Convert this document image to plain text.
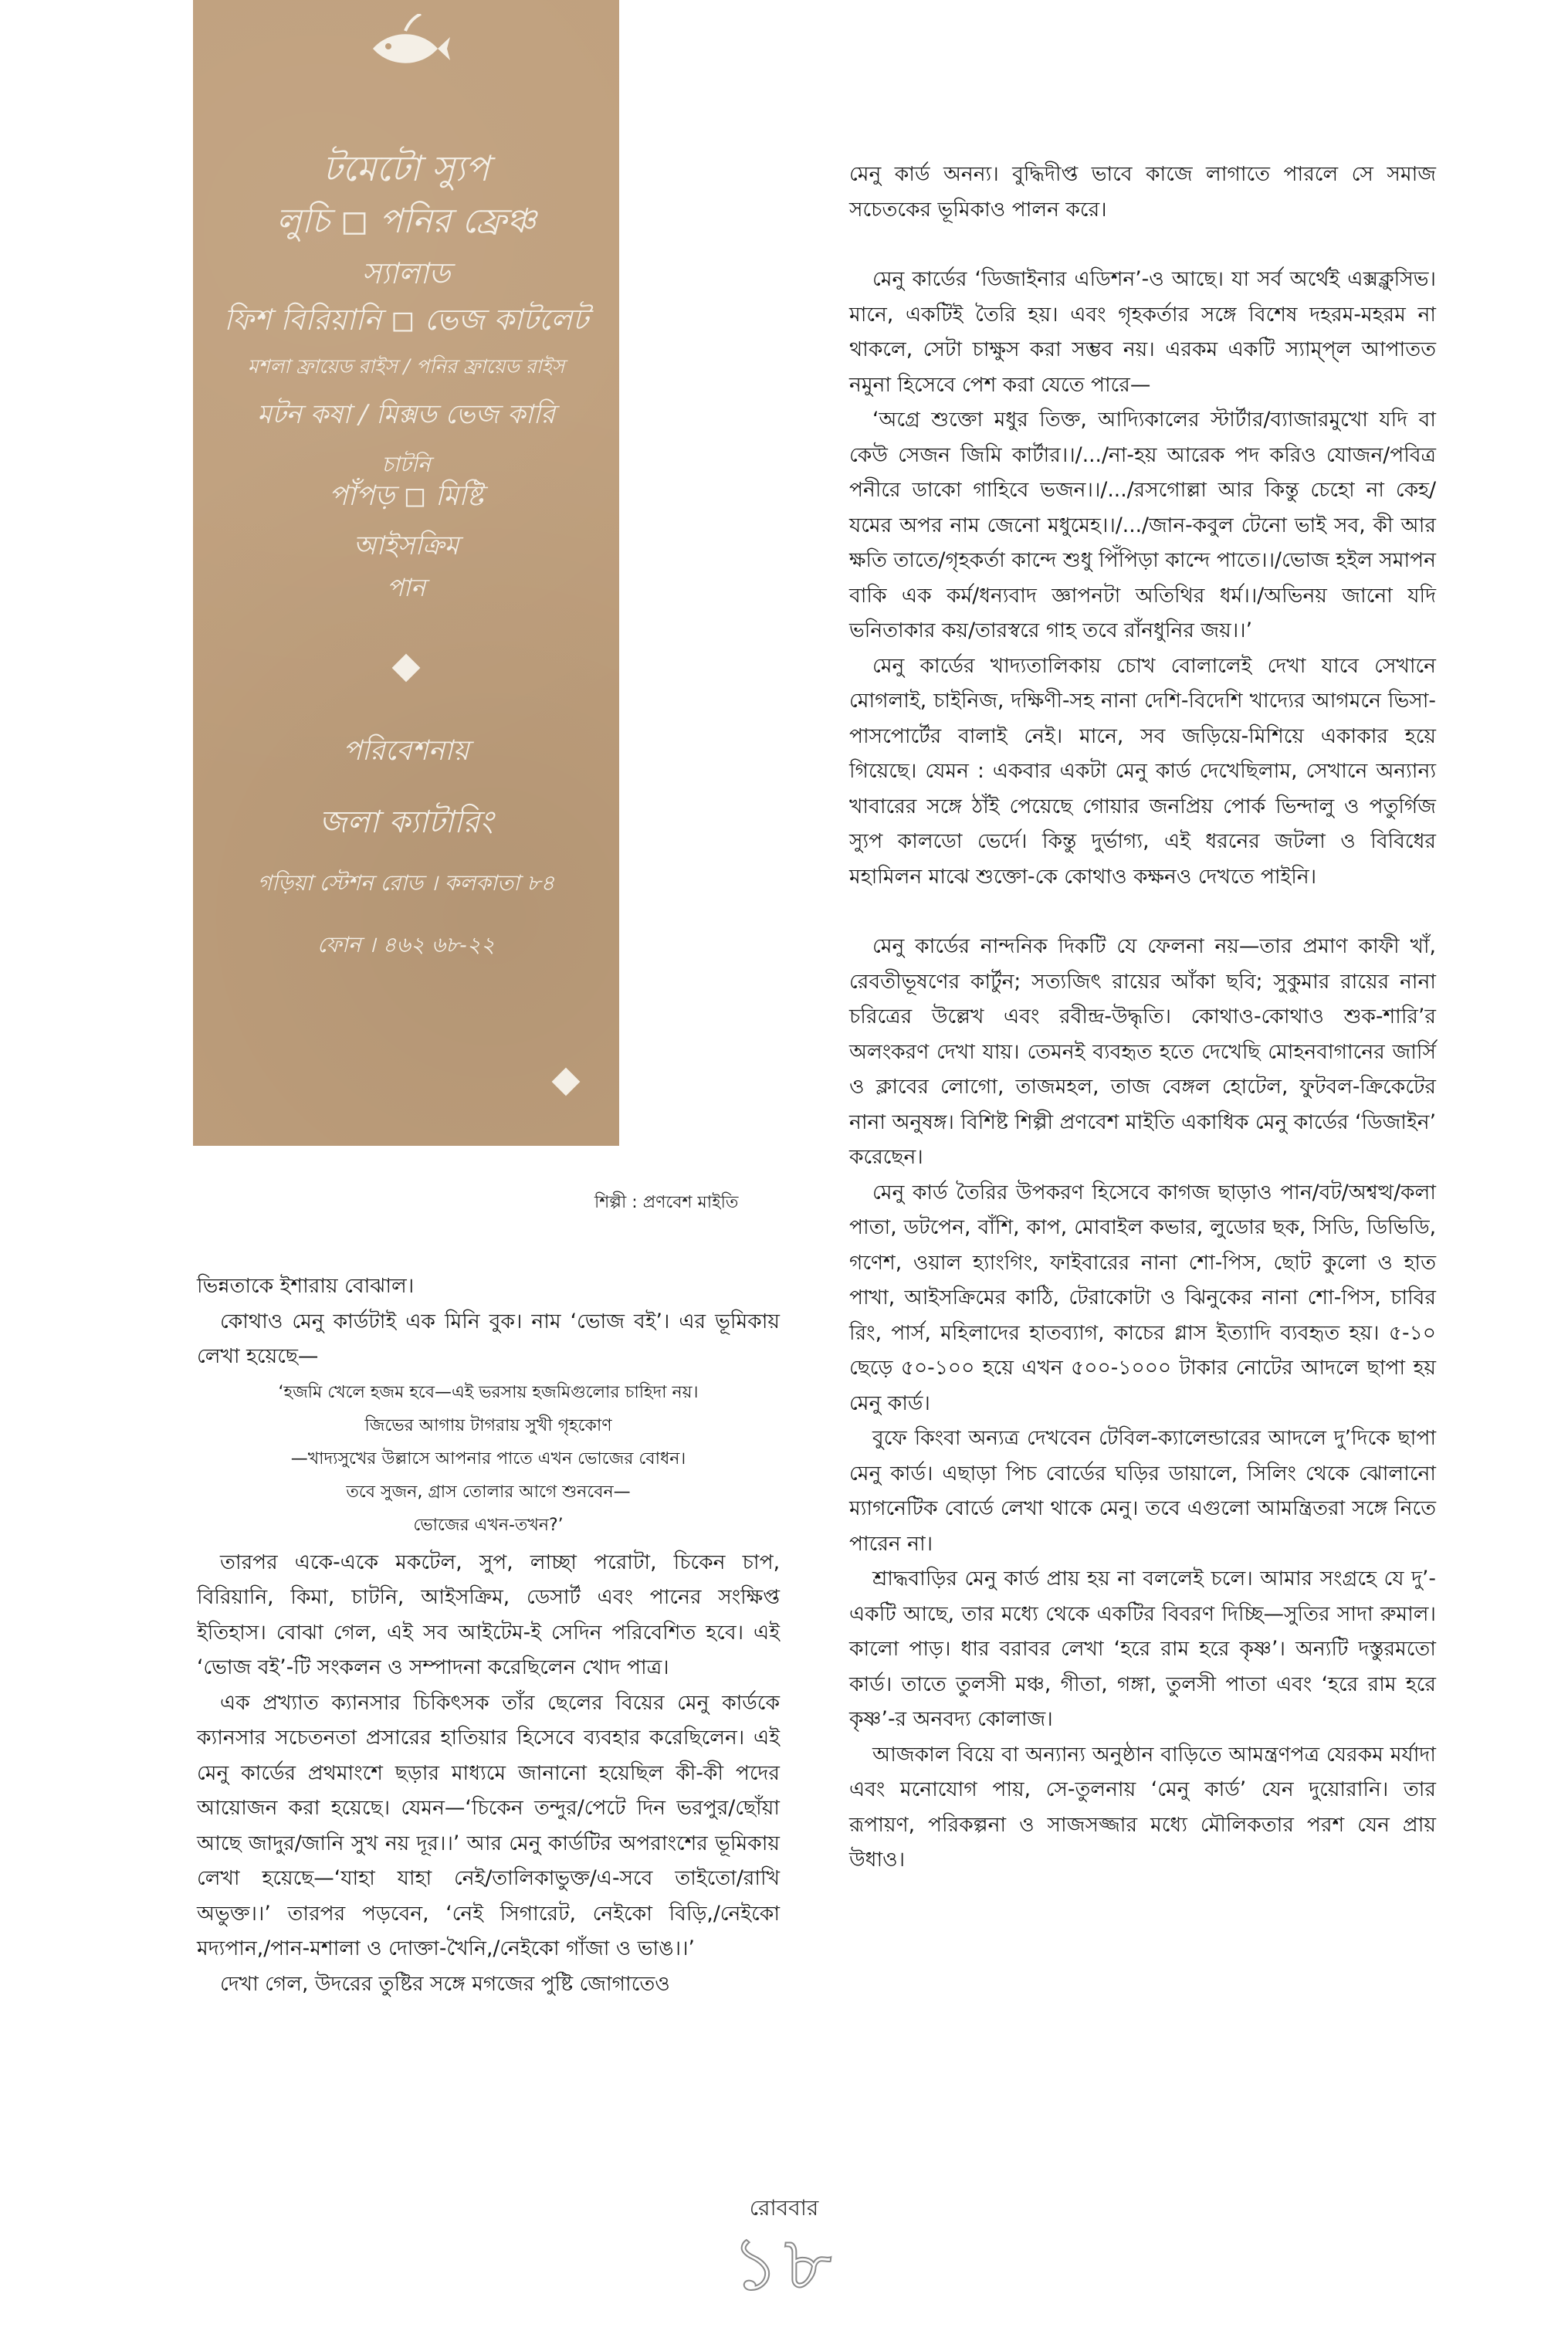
টমেটো স্যুপ
লুচি ◻ পনির ফ্রেঞ্চ
স্যালাড
ফিশ বিরিয়ানি ◻ ভেজ কাটলেট
মশলা ফ্রায়েড রাইস / পনির ফ্রায়েড রাইস
মটন কষা / মিক্সড ভেজ কারি
চাটনি
পাঁপড় ◻ মিষ্টি
আইসক্রিম
পান
পরিবেশনায়
জলা ক্যাটারিং
গড়িয়া স্টেশন রোড । কলকাতা ৮৪
ফোন । ৪৬২ ৬৮-২২
শিল্পী : প্রণবেশ মাইতি

ভিন্নতাকে ইশারায় বোঝাল।

কোথাও মেনু কার্ডটাই এক মিনি বুক। নাম ‘ভোজ বই’। এর ভূমিকায় লেখা হয়েছে—

‘হজমি খেলে হজম হবে—এই ভরসায় হজমিগুলোর চাহিদা নয়।
জিভের আগায় টাগরায় সুখী গৃহকোণ
—খাদ্যসুখের উল্লাসে আপনার পাতে এখন ভোজের বোধন।
তবে সুজন, গ্রাস তোলার আগে শুনবেন—
ভোজের এখন-তখন?’

তারপর একে-একে মকটেল, সুপ, লাচ্ছা পরোটা, চিকেন চাপ, বিরিয়ানি, কিমা, চাটনি, আইসক্রিম, ডেসার্ট এবং পানের সংক্ষিপ্ত ইতিহাস। বোঝা গেল, এই সব আইটেম-ই সেদিন পরিবেশিত হবে। এই ‘ভোজ বই’-টি সংকলন ও সম্পাদনা করেছিলেন খোদ পাত্র।

এক প্রখ্যাত ক্যানসার চিকিৎসক তাঁর ছেলের বিয়ের মেনু কার্ডকে ক্যানসার সচেতনতা প্রসারের হাতিয়ার হিসেবে ব্যবহার করেছিলেন। এই মেনু কার্ডের প্রথমাংশে ছড়ার মাধ্যমে জানানো হয়েছিল কী-কী পদের আয়োজন করা হয়েছে। যেমন—‘চিকেন তন্দুর/পেটে দিন ভরপুর/ছোঁয়া আছে জাদুর/জানি সুখ নয় দূর।।’ আর মেনু কার্ডটির অপরাংশের ভূমিকায় লেখা হয়েছে—‘যাহা যাহা নেই/তালিকাভুক্ত/এ-সবে তাইতো/রাখি অভুক্ত।।’ তারপর পড়বেন, ‘নেই সিগারেট, নেইকো বিড়ি,/নেইকো মদ্যপান,/পান-মশালা ও দোক্তা-খৈনি,/নেইকো গাঁজা ও ভাঙ।।’

দেখা গেল, উদরের তুষ্টির সঙ্গে মগজের পুষ্টি জোগাতেও

মেনু কার্ড অনন্য। বুদ্ধিদীপ্ত ভাবে কাজে লাগাতে পারলে সে সমাজ সচেতকের ভূমিকাও পালন করে।

মেনু কার্ডের ‘ডিজাইনার এডিশন’-ও আছে। যা সর্ব অর্থেই এক্সক্লুসিভ। মানে, একটিই তৈরি হয়। এবং গৃহকর্তার সঙ্গে বিশেষ দহরম-মহরম না থাকলে, সেটা চাক্ষুস করা সম্ভব নয়। এরকম একটি স্যাম্প্‌ল আপাতত নমুনা হিসেবে পেশ করা যেতে পারে—

‘অগ্রে শুক্তো মধুর তিক্ত, আদ্যিকালের স্টার্টার/ব্যাজারমুখো যদি বা কেউ সেজন জিমি কার্টার।।/.../না-হয় আরেক পদ করিও যোজন/পবিত্র পনীরে ডাকো গাহিবে ভজন।।/.../রসগোল্লা আর কিন্তু চেহো না কেহ/যমের অপর নাম জেনো মধুমেহ।।/.../জান-কবুল টেনো ভাই সব, কী আর ক্ষতি তাতে/গৃহকর্তা কান্দে শুধু পিঁপিড়া কান্দে পাতে।।/ভোজ হইল সমাপন বাকি এক কর্ম/ধন্যবাদ জ্ঞাপনটা অতিথির ধর্ম।।/অভিনয় জানো যদি ভনিতাকার কয়/তারস্বরে গাহ তবে রাঁনধুনির জয়।।’

মেনু কার্ডের খাদ্যতালিকায় চোখ বোলালেই দেখা যাবে সেখানে মোগলাই, চাইনিজ, দক্ষিণী-সহ নানা দেশি-বিদেশি খাদ্যের আগমনে ভিসা-পাসপোর্টের বালাই নেই। মানে, সব জড়িয়ে-মিশিয়ে একাকার হয়ে গিয়েছে। যেমন : একবার একটা মেনু কার্ড দেখেছিলাম, সেখানে অন্যান্য খাবারের সঙ্গে ঠাঁই পেয়েছে গোয়ার জনপ্রিয় পোর্ক ভিন্দালু ও পতুর্গিজ স্যুপ কালডো ভের্দে। কিন্তু দুর্ভাগ্য, এই ধরনের জটলা ও বিবিধের মহামিলন মাঝে শুক্তো-কে কোথাও কক্ষনও দেখতে পাইনি।

মেনু কার্ডের নান্দনিক দিকটি যে ফেলনা নয়—তার প্রমাণ কাফী খাঁ, রেবতীভূষণের কার্টুন; সত্যজিৎ রায়ের আঁকা ছবি; সুকুমার রায়ের নানা চরিত্রের উল্লেখ এবং রবীন্দ্র-উদ্ধৃতি। কোথাও-কোথাও শুক-শারি’র অলংকরণ দেখা যায়। তেমনই ব্যবহৃত হতে দেখেছি মোহনবাগানের জার্সি ও ক্লাবের লোগো, তাজমহল, তাজ বেঙ্গল হোটেল, ফুটবল-ক্রিকেটের নানা অনুষঙ্গ। বিশিষ্ট শিল্পী প্রণবেশ মাইতি একাধিক মেনু কার্ডের ‘ডিজাইন’ করেছেন।

মেনু কার্ড তৈরির উপকরণ হিসেবে কাগজ ছাড়াও পান/বট/অশ্বত্থ/কলা পাতা, ডটপেন, বাঁশি, কাপ, মোবাইল কভার, লুডোর ছক, সিডি, ডিভিডি, গণেশ, ওয়াল হ্যাংগিং, ফাইবারের নানা শো-পিস, ছোট কুলো ও হাত পাখা, আইসক্রিমের কাঠি, টেরাকোটা ও ঝিনুকের নানা শো-পিস, চাবির রিং, পার্স, মহিলাদের হাতব্যাগ, কাচের গ্লাস ইত্যাদি ব্যবহৃত হয়। ৫-১০ ছেড়ে ৫০-১০০ হয়ে এখন ৫০০-১০০০ টাকার নোটের আদলে ছাপা হয় মেনু কার্ড।

বুফে কিংবা অন্যত্র দেখবেন টেবিল-ক্যালেন্ডারের আদলে দু’দিকে ছাপা মেনু কার্ড। এছাড়া পিচ বোর্ডের ঘড়ির ডায়ালে, সিলিং থেকে ঝোলানো ম্যাগনেটিক বোর্ডে লেখা থাকে মেনু। তবে এগুলো আমন্ত্রিতরা সঙ্গে নিতে পারেন না।

শ্রাদ্ধবাড়ির মেনু কার্ড প্রায় হয় না বললেই চলে। আমার সংগ্রহে যে দু’-একটি আছে, তার মধ্যে থেকে একটির বিবরণ দিচ্ছি—সুতির সাদা রুমাল। কালো পাড়। ধার বরাবর লেখা ‘হরে রাম হরে কৃষ্ণ’। অন্যটি দস্তুরমতো কার্ড। তাতে তুলসী মঞ্চ, গীতা, গঙ্গা, তুলসী পাতা এবং ‘হরে রাম হরে কৃষ্ণ’-র অনবদ্য কোলাজ।

আজকাল বিয়ে বা অন্যান্য অনুষ্ঠান বাড়িতে আমন্ত্রণপত্র যেরকম মর্যাদা এবং মনোযোগ পায়, সে-তুলনায় ‘মেনু কার্ড’ যেন দুয়োরানি। তার রূপায়ণ, পরিকল্পনা ও সাজসজ্জার মধ্যে মৌলিকতার পরশ যেন প্রায় উধাও।

রোববার
১৮
